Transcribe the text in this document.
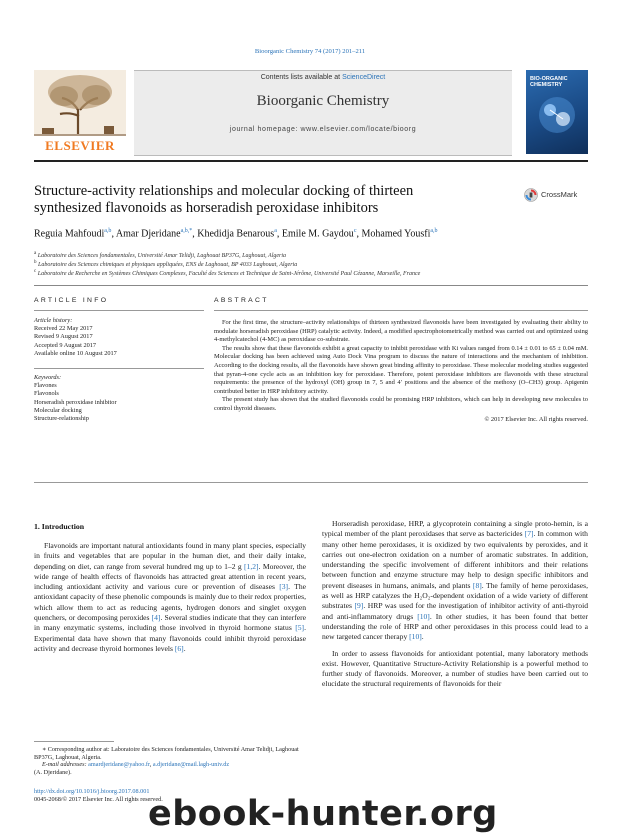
Bioorganic Chemistry 74 (2017) 201–211
ELSEVIER
Contents lists available at ScienceDirect
Bioorganic Chemistry
journal homepage: www.elsevier.com/locate/bioorg
BIO-ORGANIC CHEMISTRY
Structure-activity relationships and molecular docking of thirteen synthesized flavonoids as horseradish peroxidase inhibitors
CrossMark
Reguia Mahfoudi$^{a,b}$, Amar Djeridane$^{a,b,*}$, Khedidja Benarous$^a$, Emile M. Gaydou$^c$, Mohamed Yousfi$^{a,b}$
$^a$ Laboratoire des Sciences fondamentales, Université Amar Telidji, Laghouat BP37G, Laghouat, Algeria
$^b$ Laboratoire des Sciences chimiques et physiques appliquées, ENS de Laghouat, BP 4033 Laghouat, Algeria
$^c$ Laboratoire de Recherche en Systèmes Chimiques Complexes, Faculté des Sciences et Technique de Saint-Jérôme, Université Paul Cézanne, Marseille, France
ARTICLE INFO
Article history:
Received 22 May 2017
Revised 9 August 2017
Accepted 9 August 2017
Available online 10 August 2017
Keywords:
Flavones
Flavonols
Horseradish peroxidase inhibitor
Molecular docking
Structure-relationship
ABSTRACT

For the first time, the structure–activity relationships of thirteen synthesized flavonoids have been investigated by evaluating their ability to modulate horseradish peroxidase (HRP) catalytic activity. Indeed, a modified spectrophotometrically method was carried out and optimized using 4-methylcatechol (4-MC) as peroxidase co-substrate.

The results show that these flavonoids exhibit a great capacity to inhibit peroxidase with Ki values ranged from 0.14 ± 0.01 to 65 ± 0.04 mM. Molecular docking has been achieved using Auto Dock Vina program to discuss the nature of interactions and the mechanism of inhibition. According to the docking results, all the flavonoids have shown great binding affinity to peroxidase. These molecular modeling studies suggested that pyran-4-one cycle acts as an inhibition key for peroxidase. Therefore, potent peroxidase inhibitors are flavonoids with these structural requirements: the presence of the hydroxyl (OH) group in 7, 5 and 4′ positions and the absence of the methoxy (O–CH3) group. Apigenin contributed better in HRP inhibitory activity.

The present study has shown that the studied flavonoids could be promising HRP inhibitors, which can help in developing new molecules to control thyroid diseases.

© 2017 Elsevier Inc. All rights reserved.

1. Introduction

Flavonoids are important natural antioxidants found in many plant species, especially in fruits and vegetables that are popular in the human diet, and their daily intake, depending on diet, can range from several hundred mg up to 1–2 g [1,2]. Moreover, the wide range of health effects of flavonoids has attracted great attention in recent years, including antioxidant activity and various cure or prevention of diseases [3]. The antioxidant capacity of these phenolic compounds is mainly due to their redox properties, which allow them to act as reducing agents, hydrogen donors and singlet oxygen quenchers, or decomposing peroxides [4]. Several studies indicate that they can interfere in many enzymatic systems, including those involved in thyroid hormone status [5]. Experimental data have shown that many flavonoids could inhibit thyroid peroxidase activity and decrease thyroid hormones levels [6].

Horseradish peroxidase, HRP, a glycoprotein containing a single proto-hemin, is a typical member of the plant peroxidases that serve as bactericides [7]. In common with many other heme peroxidases, it is oxidized by two equivalents by peroxides, and it carries out one-electron oxidation on a number of aromatic substrates. In addition, understanding the specific involvement of different inhibitors and their relations between function and enzyme structure may help to design specific inhibitors and prevent diseases in humans, animals, and plants [8]. The family of heme peroxidases, as well as HRP catalyzes the H₂O₂-dependent oxidation of a wide variety of different substrates [9]. HRP was used for the investigation of inhibitor activity of anti-thyroid and anti-inflammatory drugs [10]. In other studies, it has been found that better understanding the role of HRP and other peroxidases in this process could lead to a new targeted cancer therapy [10].

In order to assess flavonoids for antioxidant potential, many laboratory methods exist. However, Quantitative Structure-Activity Relationship is a powerful method to further study of flavonoids. Moreover, a number of studies have been carried out to elucidate the structural requirements of flavonoids for their

∗ Corresponding author at: Laboratoire des Sciences fondamentales, Université Amar Telidji, Laghouat BP37G, Laghouat, Algeria.
E-mail addresses: amardjeridane@yahoo.fr, a.djeridane@mail.lagh-univ.dz
(A. Djeridane).
http://dx.doi.org/10.1016/j.bioorg.2017.08.001
0045-2068/© 2017 Elsevier Inc. All rights reserved.
ebook-hunter.org
